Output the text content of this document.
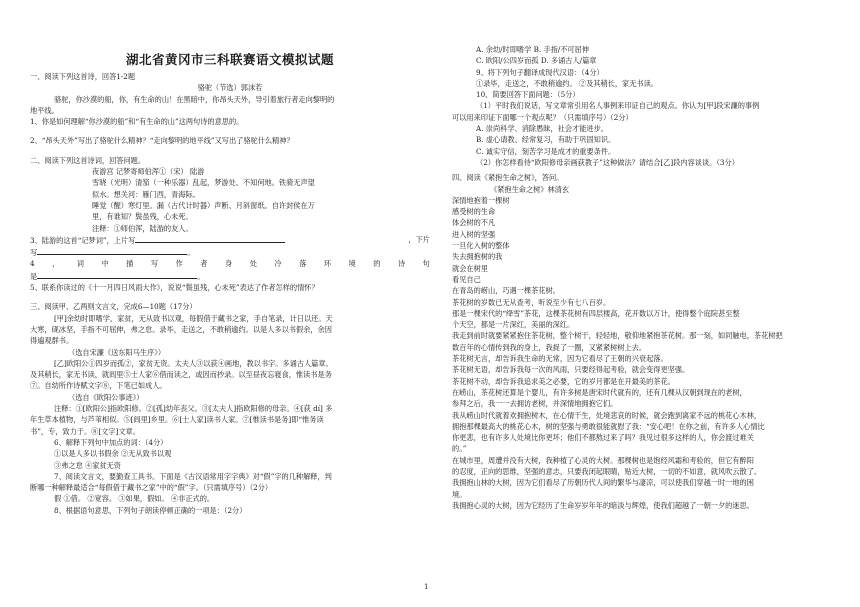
湖北省黄冈市三科联赛语文模拟试题
一、阅读下列这首诗，回答1-2题
骆驼（节选）郭沫若
骆驼，你沙漠的船，你，有生命的山！在黑暗中，你昂头天外，导引着旅行者走向黎明的
地平线。
1、你是如何理解“你沙漠的船”和“有生命的山”这两句诗的意思的。
2、“昂头天外”写出了骆驼什么精神？“走向黎明的地平线”又写出了骆驼什么精神？
二、阅读下列这首诗词，回答问题。
夜游宫 记梦寄师伯浑①（宋） 陆游
雪晓（光明）清笳（一种乐器）乱起，梦游处、不知何地。铁骑无声望
似水。想关河：雁门西，青海际。
睡觉（醒）寒灯里。漏（古代计时器）声断、月斜窗纸。自许封侯在万
里，有谁知？鬓虽残，心未死。
注释：①师伯浑，陆游的友人。
3、陆游的这首“记梦词”，上片写	，下片
写	。
4 ， 词 中 描 写 作 者 身 处 冷 落 环 境 的 诗 句
是	。
5、联系你读过的《十一月四日风雨大作》，说说“鬓虽残，心未死”表达了作者怎样的情怀？
三、阅读甲、乙两则文言文，完成6—10题（17分）
[甲]余幼时即嗜学，家贫，无从致书以观，每假借于藏书之家，手自笔录，计日以还。天
大寒，砚冰坚，手指不可屈伸，弗之怠。录毕，走送之，不敢稍逾约。以是人多以书假余，余因
得遍观群书。
（选自宋濂《送东阳马生序》）
[乙]欧阳公①四岁而孤②，家贫无资。太夫人③以荻④画地，教以书字。多诵古人篇章。
及其稍长，家无书读，就闾里⑤士人家⑥借而读之，或因而抄录。以至昼夜忘寝食，惟读书是务
⑦。自幼所作诗赋文字⑧，下笔已如成人。
（选自《欧阳公事迹》）
注释：①[欧阳公]指欧阳修。②[孤]幼年丧父。③[太夫人]指欧阳修的母亲。④[荻 dí] 多
年生草本植物，与芦苇相似。⑤[闾里]乡里。⑥[士人家]读书人家。⑦[惟读书是务]即“惟务读
书”，专，致力于。⑧[文字]文章。
6、解释下列句中加点的词：（4分）
①以是人多以书假余 ②无从致书以观
③弗之怠 ④家贫无资
7、阅读文言文，要勤查工具书。下面是《古汉语常用字字典》对“假”字的几种解释，判
断哪一种解释最适合“每假借于藏书之家”中的“假”字。（只需填序号）（2分）
假 ①借。 ②宽容。 ③如果，假如。 ④非正式的。
8、根据语句意思，下列句子朗读停顿正确的一项是：（2分）
A. 余幼/时即嗜学 B. 手指/不可屈伸
C. 欧阳/公四岁而孤 D. 多诵古人/篇章
9、将下列句子翻译成现代汉语：（4分）
①录毕，走送之，不敢稍逾约。 ②及其稍长，家无书读。
10、简要回答下面问题：（5分）
（1）平时我们说话，写文章常引用名人事例来印证自己的观点。你认为[甲]段宋濂的事例
可以用来印证下面哪一个观点呢？（只需填序号）（2分）
A. 崇尚科学、消除愚昧，社会才能进步。
B. 虚心请教、经常复习，有助于巩固知识。
C. 诚实守信，刻苦学习是成才的重要条件。
（2）你怎样看待“欧阳修母亲画荻教子”这种做法？请结合[乙]段内容谈谈。（3分）
四、阅读《紧抱生命之树》，答问。
《紧抱生命之树》林清玄
深情地抱着一棵树
感受树的生命
体会树的不凡
进入树的坚强
一旦化入树的整体
失去拥抱树的我
就会在树里
看见自己
在青岛的崂山，巧遇一棵茶花树。
茶花树的岁数已无从查考，听说至少有七八百岁。
那是一棵宋代的“绛雪”茶花，这棵茶花树有四层楼高，花开数以万计，使得整个庭院甚至整
个天空，都是一片深红，美丽的深红。
我走到前时就要紧紧抱住茶花树，整个树干，轻轻地，敬仰地紧抱茶花树。那一刻，如同触电，茶花树把
数百年的心情传到我的身上，我捉了一圈，又紧紧树树上去。
茶花树无言，却告诉我生命的无常，因为它看尽了王朝的兴衰起落。
茶花树无语，却告诉我每一次的风雨，只要经得起考验，就会变得更坚强。
茶花树不动，却告诉我追求美之必要，它的岁月都是在开最美的茶花。
在崂山，茶花树还算是个婴儿，有许多树是唐宋时代就有的，还有几棵从汉朝到现在的老树，
参拜之后，我一一去拥访老树，并深情地拥抱它们。
我从崂山时代就着欢拥抱树木，在心情干生，处境悲哀的时候，就会跑到离家不远的桃花心木林，
拥抱那棵最高大的桃花心木，树的坚强与勇敢很能就慰了我：“安心吧！在你之前，有许多人心情比
你更悲，也有许多人处境比你更坏；他们不都熬过来了吗？我见过很多这样的人，你会渡过难关
的。”
在城市里，周遭并没有大树，我种植了心灵的大树。那棵树也是饱经风霜和考验的，但它有醉阳
的忍度，正向的思维，坚强的意志，只要我闭起眼睛，贴近大树，一切的不如意，就风吹云散了。
我拥抱山林的大树，因为它们看尽了历朝历代人间的繁华与凄凉，可以使我们穿越一时一地的困
境。
我拥抱心灵的大树，因为它经历了生命岁岁年年的暗淡与辉煌，使我们超越了一朝一夕的迷思。
1
